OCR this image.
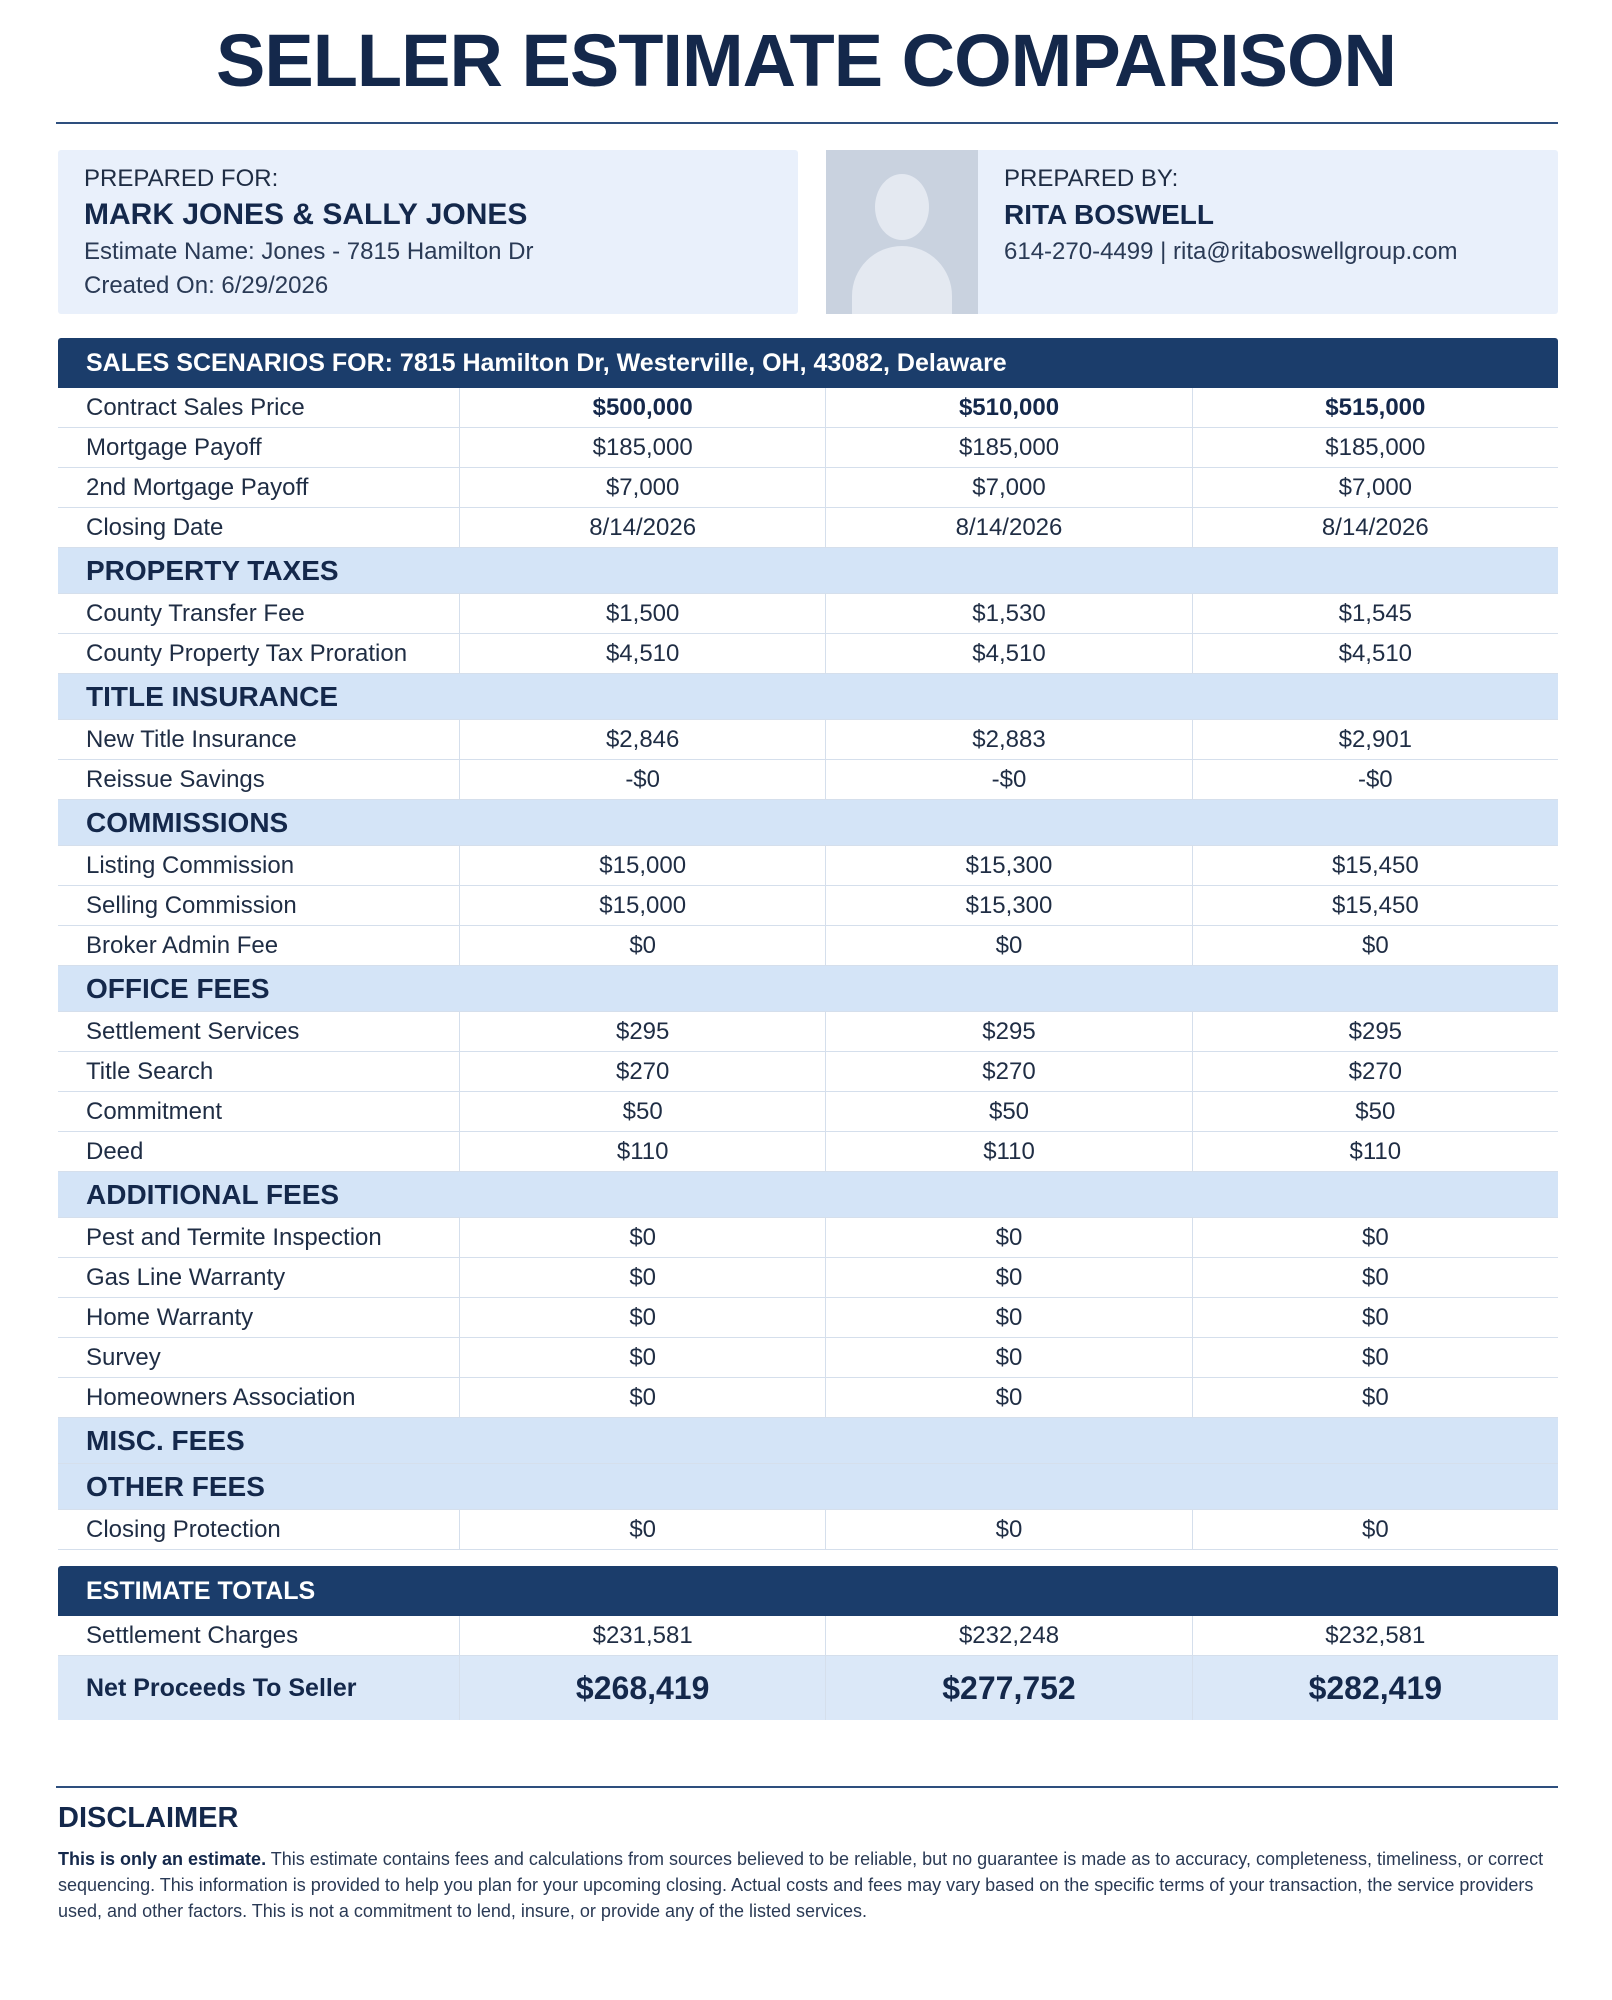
SELLER ESTIMATE COMPARISON
PREPARED FOR:
MARK JONES & SALLY JONES
Estimate Name: Jones - 7815 Hamilton Dr
Created On: 6/29/2026
PREPARED BY:
RITA BOSWELL
614-270-4499 | rita@ritaboswellgroup.com
SALES SCENARIOS FOR: 7815 Hamilton Dr, Westerville, OH, 43082, Delaware
Contract Sales Price	$500,000	$510,000	$515,000
Mortgage Payoff	$185,000	$185,000	$185,000
2nd Mortgage Payoff	$7,000	$7,000	$7,000
Closing Date	8/14/2026	8/14/2026	8/14/2026
PROPERTY TAXES
County Transfer Fee	$1,500	$1,530	$1,545
County Property Tax Proration	$4,510	$4,510	$4,510
TITLE INSURANCE
New Title Insurance	$2,846	$2,883	$2,901
Reissue Savings	-$0	-$0	-$0
COMMISSIONS
Listing Commission	$15,000	$15,300	$15,450
Selling Commission	$15,000	$15,300	$15,450
Broker Admin Fee	$0	$0	$0
OFFICE FEES
Settlement Services	$295	$295	$295
Title Search	$270	$270	$270
Commitment	$50	$50	$50
Deed	$110	$110	$110
ADDITIONAL FEES
Pest and Termite Inspection	$0	$0	$0
Gas Line Warranty	$0	$0	$0
Home Warranty	$0	$0	$0
Survey	$0	$0	$0
Homeowners Association	$0	$0	$0
MISC. FEES
OTHER FEES
Closing Protection	$0	$0	$0
ESTIMATE TOTALS
Settlement Charges	$231,581	$232,248	$232,581
Net Proceeds To Seller	$268,419	$277,752	$282,419
DISCLAIMER
This is only an estimate. This estimate contains fees and calculations from sources believed to be reliable, but no guarantee is made as to accuracy, completeness, timeliness, or correct sequencing. This information is provided to help you plan for your upcoming closing. Actual costs and fees may vary based on the specific terms of your transaction, the service providers used, and other factors. This is not a commitment to lend, insure, or provide any of the listed services.
